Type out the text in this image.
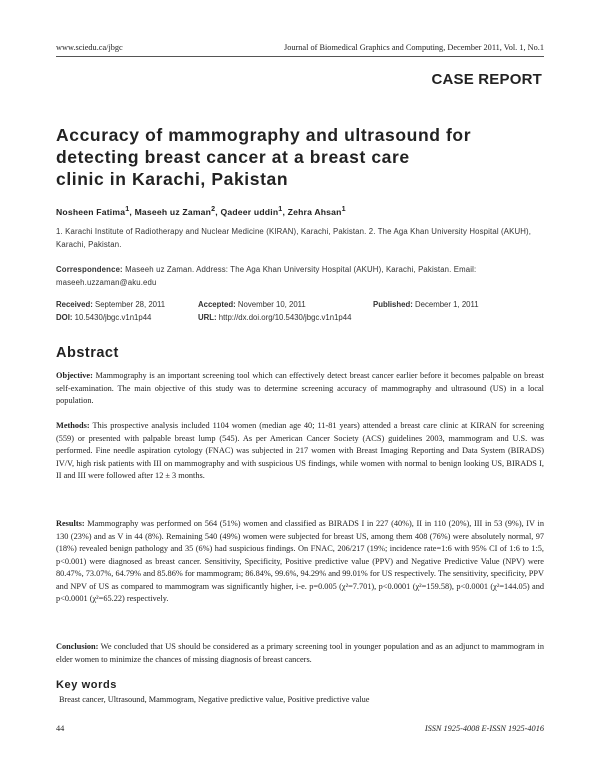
www.sciedu.ca/jbgc	Journal of Biomedical Graphics and Computing, December 2011, Vol. 1, No.1
CASE REPORT
Accuracy of mammography and ultrasound for
detecting breast cancer at a breast care
clinic in Karachi, Pakistan
Nosheen Fatima$^1$, Maseeh uz Zaman$^2$, Qadeer uddin$^1$, Zehra Ahsan$^1$
1. Karachi Institute of Radiotherapy and Nuclear Medicine (KIRAN), Karachi, Pakistan. 2. The Aga Khan University Hospital (AKUH), Karachi, Pakistan.
Correspondence: Maseeh uz Zaman. Address: The Aga Khan University Hospital (AKUH), Karachi, Pakistan. Email: maseeh.uzzaman@aku.edu
Received: September 28, 2011	Accepted: November 10, 2011	Published: December 1, 2011
DOI: 10.5430/jbgc.v1n1p44	URL: http://dx.doi.org/10.5430/jbgc.v1n1p44
Abstract

Objective: Mammography is an important screening tool which can effectively detect breast cancer earlier before it becomes palpable on breast self-examination. The main objective of this study was to determine screening accuracy of mammography and ultrasound (US) in a local population.

Methods: This prospective analysis included 1104 women (median age 40; 11-81 years) attended a breast care clinic at KIRAN for screening (559) or presented with palpable breast lump (545). As per American Cancer Society (ACS) guidelines 2003, mammogram and U.S. was performed. Fine needle aspiration cytology (FNAC) was subjected in 217 women with Breast Imaging Reporting and Data System (BIRADS) IV/V, high risk patients with III on mammography and with suspicious US findings, while women with normal to benign looking US, BIRADS I, II and III were followed after 12 ± 3 months.

Results: Mammography was performed on 564 (51%) women and classified as BIRADS I in 227 (40%), II in 110 (20%), III in 53 (9%), IV in 130 (23%) and as V in 44 (8%). Remaining 540 (49%) women were subjected for breast US, among them 408 (76%) were absolutely normal, 97 (18%) revealed benign pathology and 35 (6%) had suspicious findings. On FNAC, 206/217 (19%; incidence rate=1:6 with 95% CI of 1:6 to 1:5, p<0.001) were diagnosed as breast cancer. Sensitivity, Specificity, Positive predictive value (PPV) and Negative Predictive Value (NPV) were 80.47%, 73.07%, 64.79% and 85.86% for mammogram; 86.84%, 99.6%, 94.29% and 99.01% for US respectively. The sensitivity, specificity, PPV and NPV of US as compared to mammogram was significantly higher, i-e. p=0.005 (χ²=7.701), p<0.0001 (χ²=159.58), p<0.0001 (χ²=144.05) and p<0.0001 (χ²=65.22) respectively.

Conclusion: We concluded that US should be considered as a primary screening tool in younger population and as an adjunct to mammogram in elder women to minimize the chances of missing diagnosis of breast cancers.

Key words
Breast cancer, Ultrasound, Mammogram, Negative predictive value, Positive predictive value
44	ISSN 1925-4008 E-ISSN 1925-4016
